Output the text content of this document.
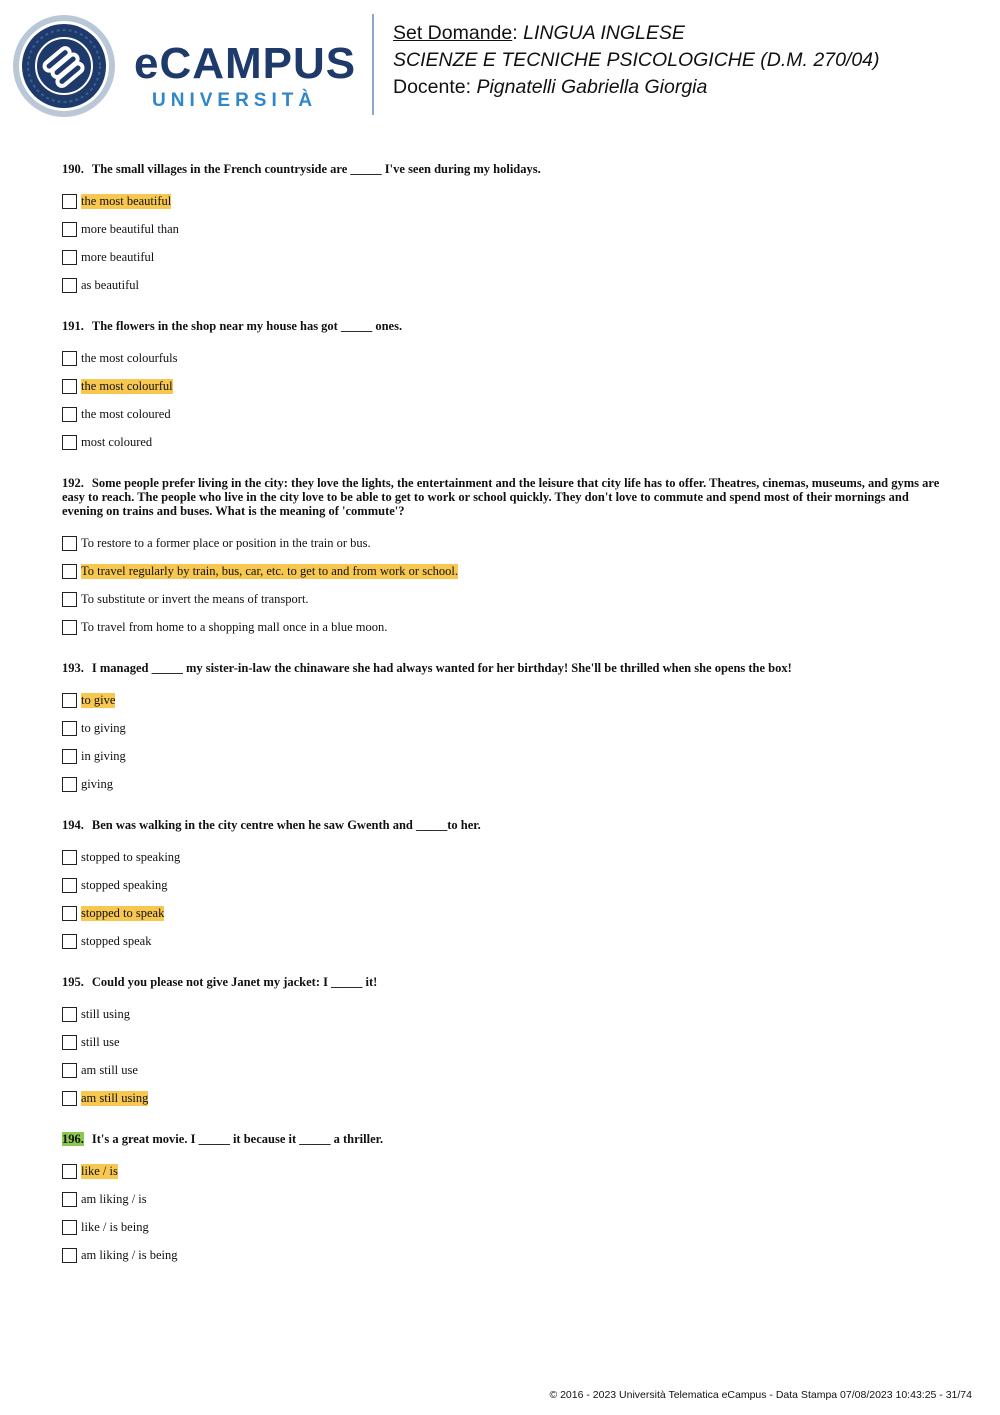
eCAMPUS
UNIVERSITÀ
Set Domande: LINGUA INGLESE
SCIENZE E TECNICHE PSICOLOGICHE (D.M. 270/04)
Docente: Pignatelli Gabriella Giorgia
190. The small villages in the French countryside are _____ I've seen during my holidays.
the most beautiful
more beautiful than
more beautiful
as beautiful
191. The flowers in the shop near my house has got _____ ones.
the most colourfuls
the most colourful
the most coloured
most coloured
192. Some people prefer living in the city: they love the lights, the entertainment and the leisure that city life has to offer. Theatres, cinemas, museums, and gyms are easy to reach. The people who live in the city love to be able to get to work or school quickly. They don't love to commute and spend most of their mornings and evening on trains and buses. What is the meaning of 'commute'?
To restore to a former place or position in the train or bus.
To travel regularly by train, bus, car, etc. to get to and from work or school.
To substitute or invert the means of transport.
To travel from home to a shopping mall once in a blue moon.
193. I managed _____ my sister-in-law the chinaware she had always wanted for her birthday! She'll be thrilled when she opens the box!
to give
to giving
in giving
giving
194. Ben was walking in the city centre when he saw Gwenth and _____to her.
stopped to speaking
stopped speaking
stopped to speak
stopped speak
195. Could you please not give Janet my jacket: I _____ it!
still using
still use
am still use
am still using
196. It's a great movie. I _____ it because it _____ a thriller.
like / is
am liking / is
like / is being
am liking / is being
© 2016 - 2023 Università Telematica eCampus - Data Stampa 07/08/2023 10:43:25 - 31/74
